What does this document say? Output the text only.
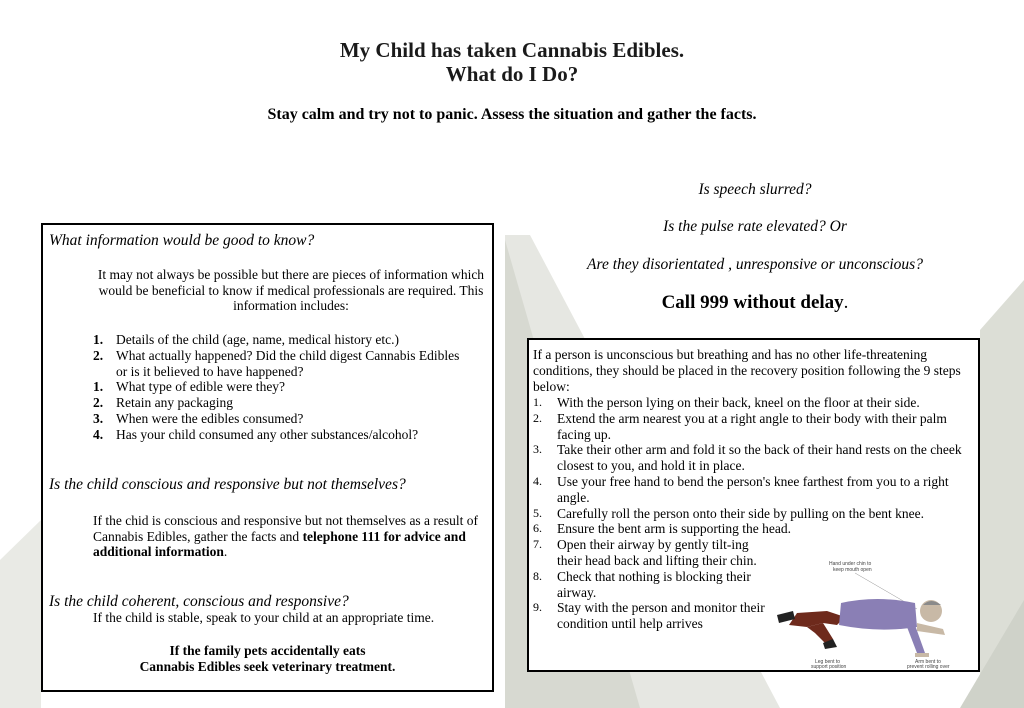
My Child has taken Cannabis Edibles.
What do I Do?
Stay calm and try not to panic. Assess the situation and gather the facts.
Is speech slurred?
Is the pulse rate elevated? Or
Are they disorientated , unresponsive or unconscious?
Call 999 without delay.
What information would be good to know?
It may not always be possible but there are pieces of information which would be beneficial to know if medical professionals are required. This information includes:
1. Details of the child (age, name, medical history etc.)
2. What actually happened? Did the child digest Cannabis Edibles or is it believed to have happened?
1. What type of edible were they?
2. Retain any packaging
3. When were the edibles consumed?
4. Has your child consumed any other substances/alcohol?
Is the child conscious and responsive but not themselves?
If the chid is conscious and responsive but not themselves as a result of Cannabis Edibles, gather the facts and telephone 111 for advice and additional information.
Is the child coherent, conscious and responsive?
If the child is stable, speak to your child at an appropriate time.
If the family pets accidentally eats
Cannabis Edibles seek veterinary treatment.
If a person is unconscious but breathing and has no other life-threatening conditions, they should be placed in the recovery position following the 9 steps below:
1. With the person lying on their back, kneel on the floor at their side.
2. Extend the arm nearest you at a right angle to their body with their palm facing up.
3. Take their other arm and fold it so the back of their hand rests on the cheek closest to you, and hold it in place.
4. Use your free hand to bend the person's knee farthest from you to a right angle.
5. Carefully roll the person onto their side by pulling on the bent knee.
6. Ensure the bent arm is supporting the head.
7. Open their airway by gently tilt-ing their head back and lifting their chin.
8. Check that nothing is blocking their airway.
9. Stay with the person and monitor their condition until help arrives
Hand under chin to
keep mouth open
Leg bent to
support position
Arm bent to
prevent rolling over
